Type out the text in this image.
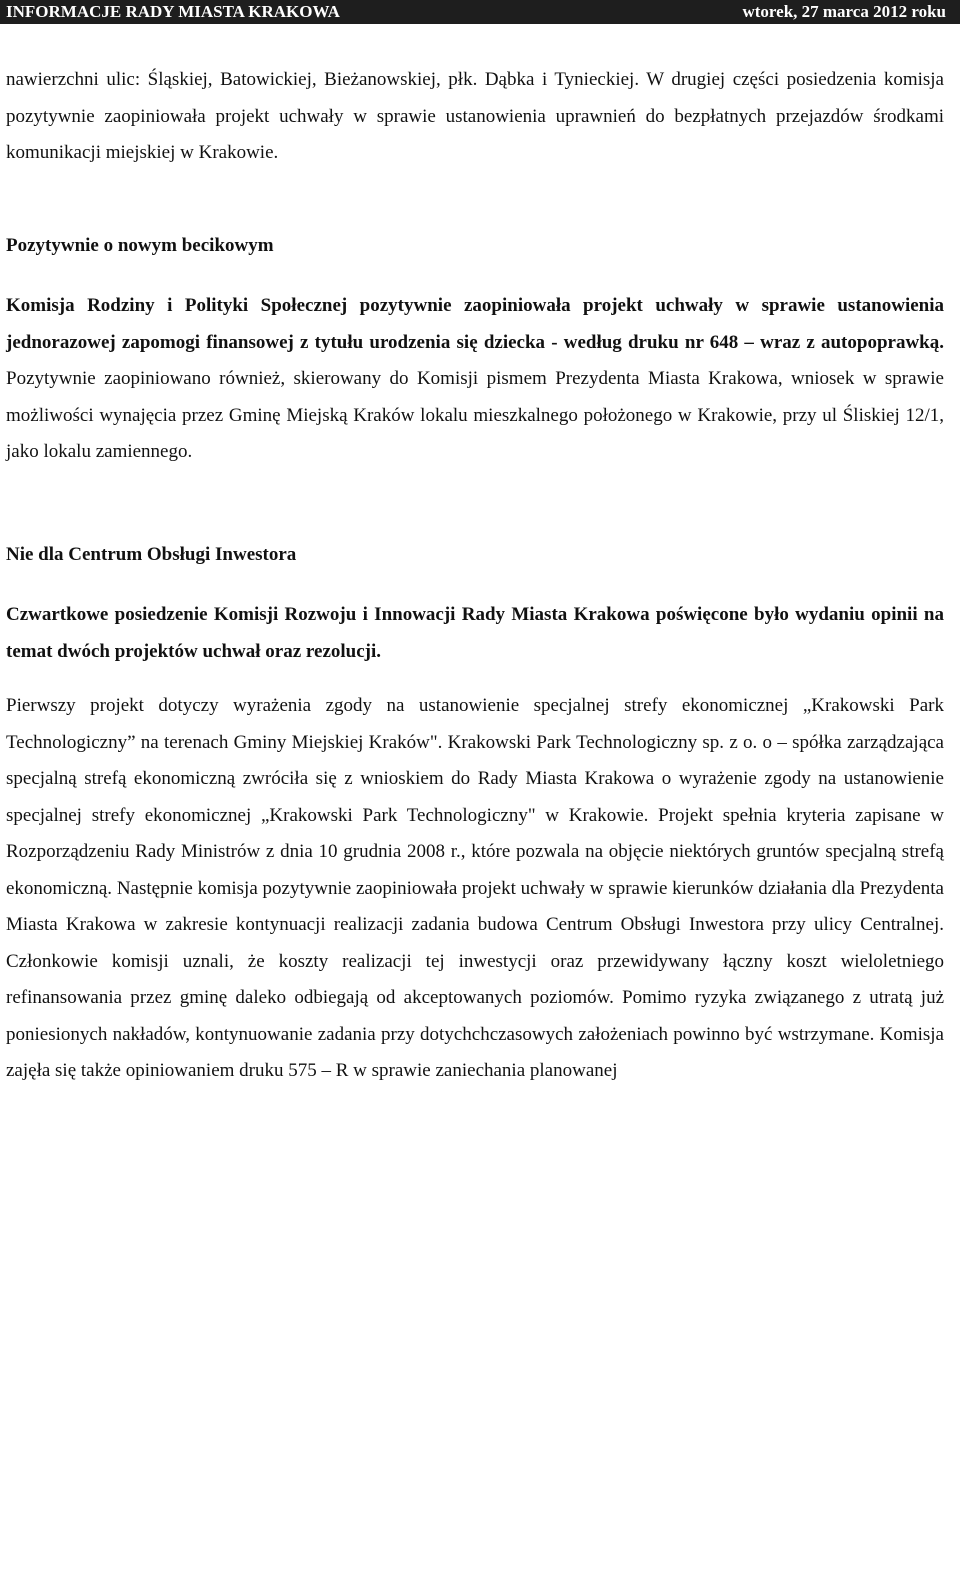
INFORMACJE RADY MIASTA KRAKOWA	wtorek, 27 marca 2012 roku

nawierzchni ulic: Śląskiej, Batowickiej, Bieżanowskiej, płk. Dąbka i Tynieckiej. W drugiej części posiedzenia komisja pozytywnie zaopiniowała projekt uchwały w sprawie ustanowienia uprawnień do bezpłatnych przejazdów środkami komunikacji miejskiej w Krakowie.

Pozytywnie o nowym becikowym

Komisja Rodziny i Polityki Społecznej pozytywnie zaopiniowała projekt uchwały w sprawie ustanowienia jednorazowej zapomogi finansowej z tytułu urodzenia się dziecka - według druku nr 648 – wraz z autopoprawką. Pozytywnie zaopiniowano również, skierowany do Komisji pismem Prezydenta Miasta Krakowa, wniosek w sprawie możliwości wynajęcia przez Gminę Miejską Kraków lokalu mieszkalnego położonego w Krakowie, przy ul Śliskiej 12/1, jako lokalu zamiennego.

Nie dla Centrum Obsługi Inwestora

Czwartkowe posiedzenie Komisji Rozwoju i Innowacji Rady Miasta Krakowa poświęcone było wydaniu opinii na temat dwóch projektów uchwał oraz rezolucji.

Pierwszy projekt dotyczy wyrażenia zgody na ustanowienie specjalnej strefy ekonomicznej „Krakowski Park Technologiczny” na terenach Gminy Miejskiej Kraków". Krakowski Park Technologiczny sp. z o. o – spółka zarządzająca specjalną strefą ekonomiczną zwróciła się z wnioskiem do Rady Miasta Krakowa o wyrażenie zgody na ustanowienie specjalnej strefy ekonomicznej „Krakowski Park Technologiczny" w Krakowie. Projekt spełnia kryteria zapisane w Rozporządzeniu Rady Ministrów z dnia 10 grudnia 2008 r., które pozwala na objęcie niektórych gruntów specjalną strefą ekonomiczną. Następnie komisja pozytywnie zaopiniowała projekt uchwały w sprawie kierunków działania dla Prezydenta Miasta Krakowa w zakresie kontynuacji realizacji zadania budowa Centrum Obsługi Inwestora przy ulicy Centralnej. Członkowie komisji uznali, że koszty realizacji tej inwestycji oraz przewidywany łączny koszt wieloletniego refinansowania przez gminę daleko odbiegają od akceptowanych poziomów. Pomimo ryzyka związanego z utratą już poniesionych nakładów, kontynuowanie zadania przy dotychchczasowych założeniach powinno być wstrzymane. Komisja zajęła się także opiniowaniem druku 575 – R w sprawie zaniechania planowanej
